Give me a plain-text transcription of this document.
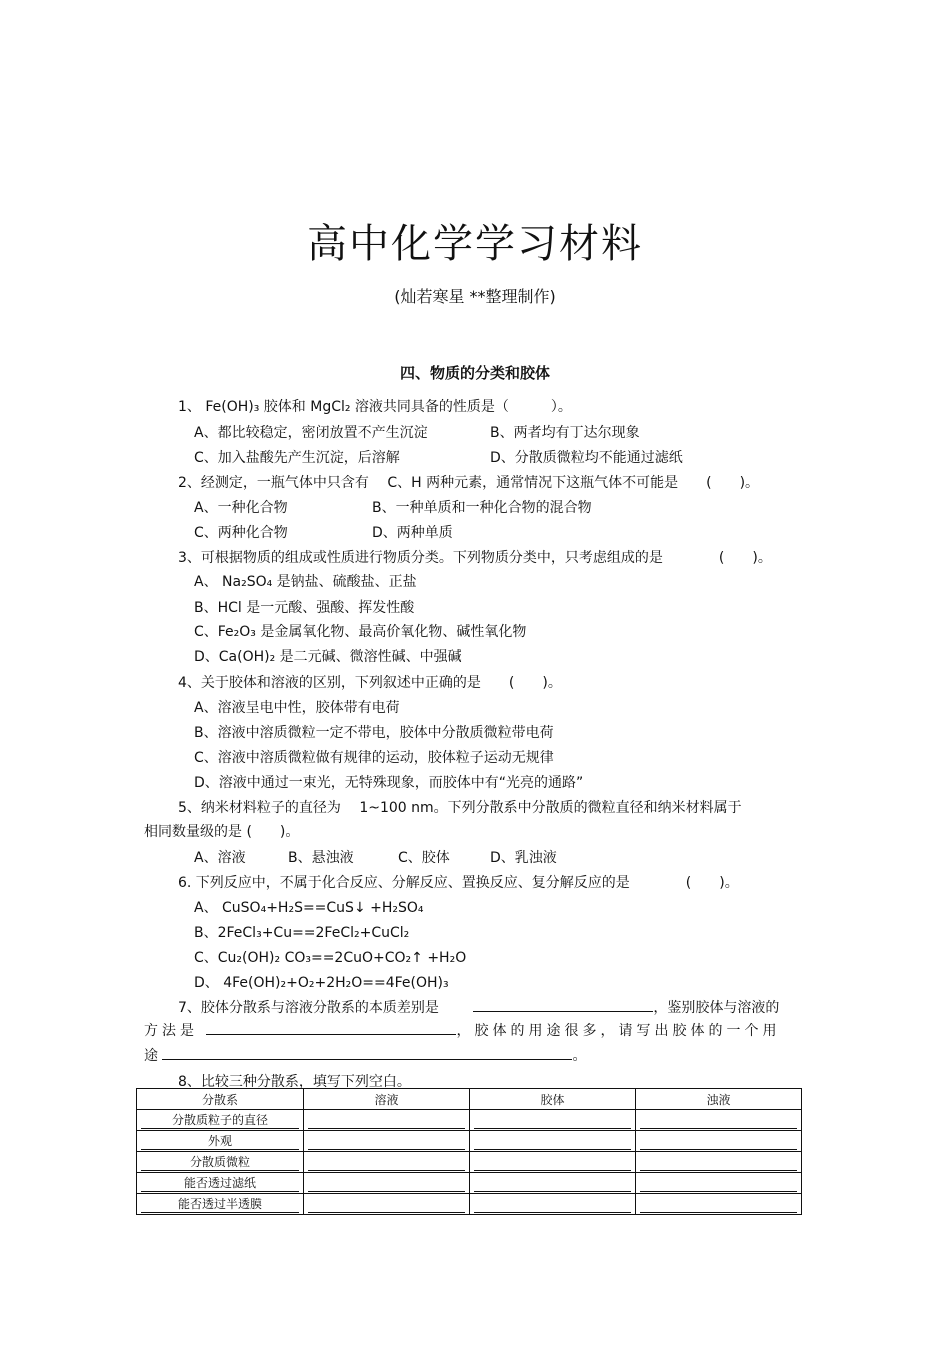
高中化学学习材料
(灿若寒星 **整理制作)
四、物质的分类和胶体
1、 Fe(OH)₃ 胶体和 MgCl₂ 溶液共同具备的性质是（　　　）。
A、都比较稳定，密闭放置不产生沉淀	B、两者均有丁达尔现象
C、加入盐酸先产生沉淀，后溶解	D、分散质微粒均不能通过滤纸
2、经测定，一瓶气体中只含有　 C、H 两种元素，通常情况下这瓶气体不可能是　　(　　)。
A、一种化合物	B、一种单质和一种化合物的混合物
C、两种化合物	D、两种单质
3、可根据物质的组成或性质进行物质分类。下列物质分类中，只考虑组成的是　　　　(　　)。
A、 Na₂SO₄ 是钠盐、硫酸盐、正盐
B、HCl 是一元酸、强酸、挥发性酸
C、Fe₂O₃ 是金属氧化物、最高价氧化物、碱性氧化物
D、Ca(OH)₂ 是二元碱、微溶性碱、中强碱
4、关于胶体和溶液的区别，下列叙述中正确的是　　(　　)。
A、溶液呈电中性，胶体带有电荷
B、溶液中溶质微粒一定不带电，胶体中分散质微粒带电荷
C、溶液中溶质微粒做有规律的运动，胶体粒子运动无规律
D、溶液中通过一束光，无特殊现象，而胶体中有“光亮的通路”
5、纳米材料粒子的直径为　 1~100 nm。下列分散系中分散质的微粒直径和纳米材料属于
相同数量级的是 (　　)。
A、溶液	B、悬浊液	C、胶体	D、乳浊液
6. 下列反应中，不属于化合反应、分解反应、置换反应、复分解反应的是　　　　(　　)。
A、 CuSO₄+H₂S==CuS↓ +H₂SO₄
B、2FeCl₃+Cu==2FeCl₂+CuCl₂
C、Cu₂(OH)₂ CO₃==2CuO+CO₂↑ +H₂O
D、 4Fe(OH)₂+O₂+2H₂O==4Fe(OH)₃
7、胶体分散系与溶液分散系的本质差别是	，鉴别胶体与溶液的
方法是	，胶体的用途很多，请写出胶体的一个用
途	。
8、比较三种分散系，填写下列空白。
分散系	溶液	胶体	浊液

分散质粒子的直径			

外观			

分散质微粒			

能否透过滤纸			

能否透过半透膜			
